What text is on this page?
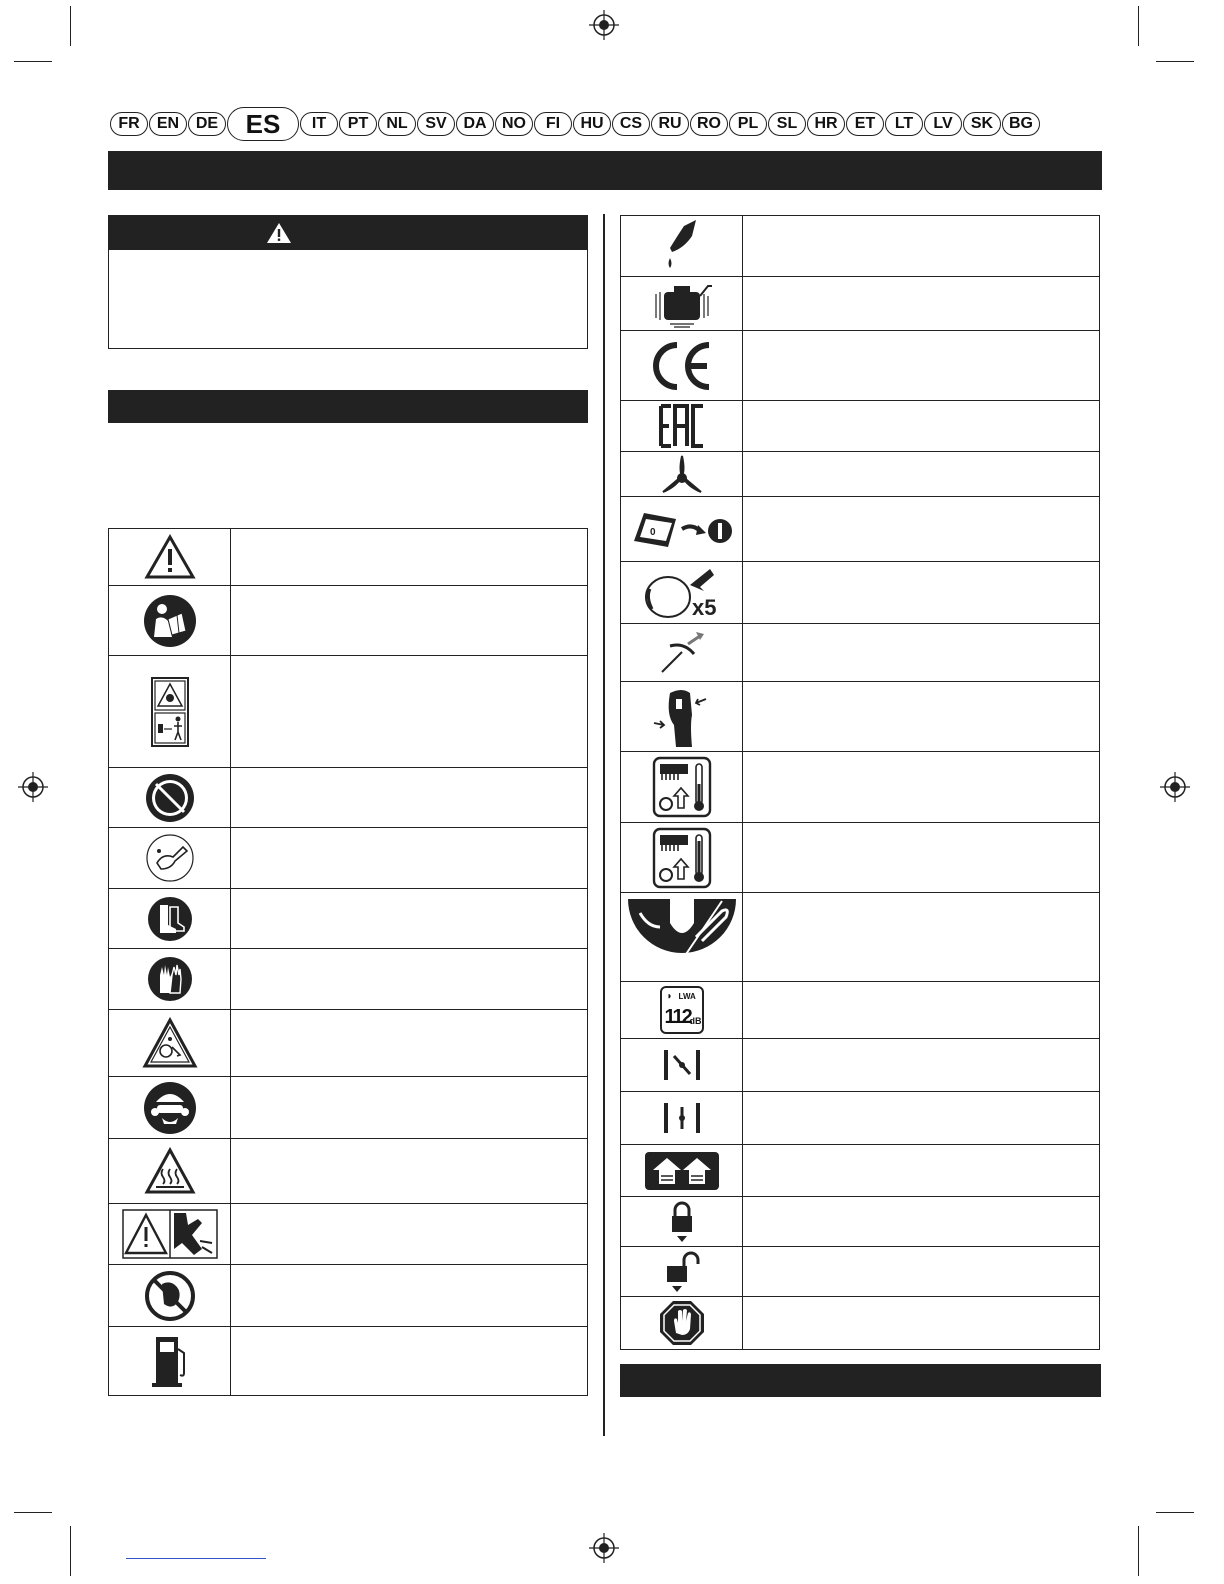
FR	EN	DE	ES	IT	PT	NL	SV	DA NO	FI	HU	CS	RU RO	PL	SL	HR	ET	LT	LV	SK BG

0	

x5	

LWA
◗
112
dB	
